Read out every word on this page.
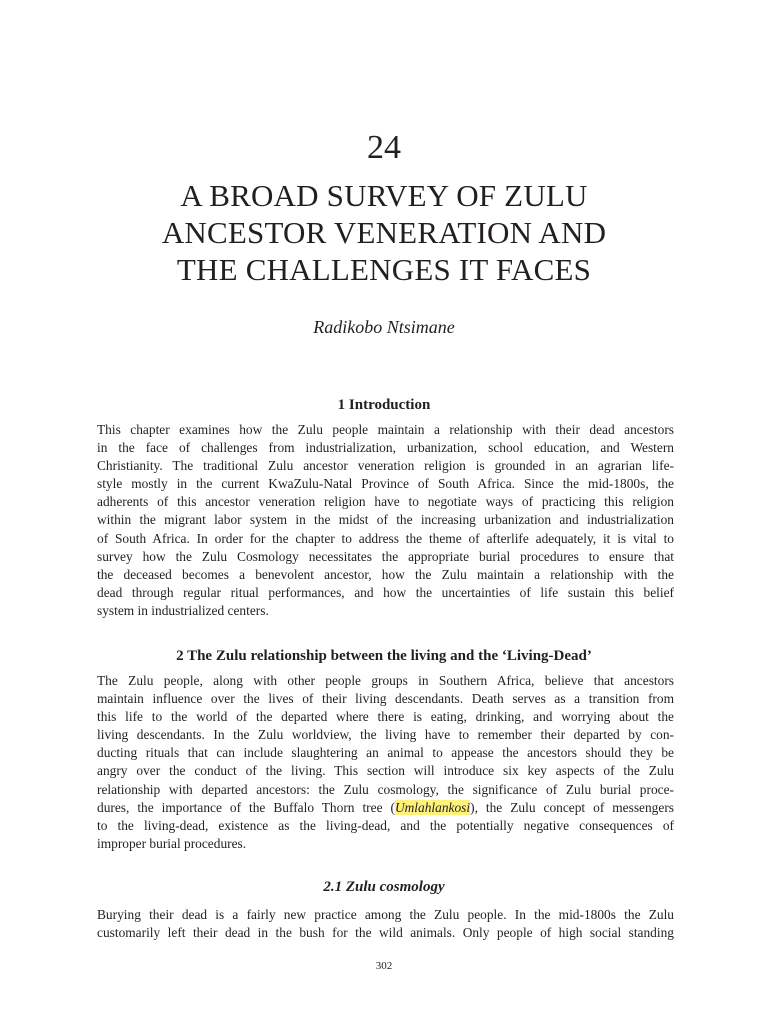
24
A BROAD SURVEY OF ZULU
ANCESTOR VENERATION AND
THE CHALLENGES IT FACES
Radikobo Ntsimane
1 Introduction
This chapter examines how the Zulu people maintain a relationship with their dead ancestors
in the face of challenges from industrialization, urbanization, school education, and Western
Christianity. The traditional Zulu ancestor veneration religion is grounded in an agrarian life-
style mostly in the current KwaZulu-Natal Province of South Africa. Since the mid-1800s, the
adherents of this ancestor veneration religion have to negotiate ways of practicing this religion
within the migrant labor system in the midst of the increasing urbanization and industrialization
of South Africa. In order for the chapter to address the theme of afterlife adequately, it is vital to
survey how the Zulu Cosmology necessitates the appropriate burial procedures to ensure that
the deceased becomes a benevolent ancestor, how the Zulu maintain a relationship with the
dead through regular ritual performances, and how the uncertainties of life sustain this belief
system in industrialized centers.
2 The Zulu relationship between the living and the ‘Living-Dead’
The Zulu people, along with other people groups in Southern Africa, believe that ancestors
maintain influence over the lives of their living descendants. Death serves as a transition from
this life to the world of the departed where there is eating, drinking, and worrying about the
living descendants. In the Zulu worldview, the living have to remember their departed by con-
ducting rituals that can include slaughtering an animal to appease the ancestors should they be
angry over the conduct of the living. This section will introduce six key aspects of the Zulu
relationship with departed ancestors: the Zulu cosmology, the significance of Zulu burial proce-
dures, the importance of the Buffalo Thorn tree (Umlahlankosi), the Zulu concept of messengers
to the living-dead, existence as the living-dead, and the potentially negative consequences of
improper burial procedures.
2.1 Zulu cosmology
Burying their dead is a fairly new practice among the Zulu people. In the mid-1800s the Zulu
customarily left their dead in the bush for the wild animals. Only people of high social standing
302
